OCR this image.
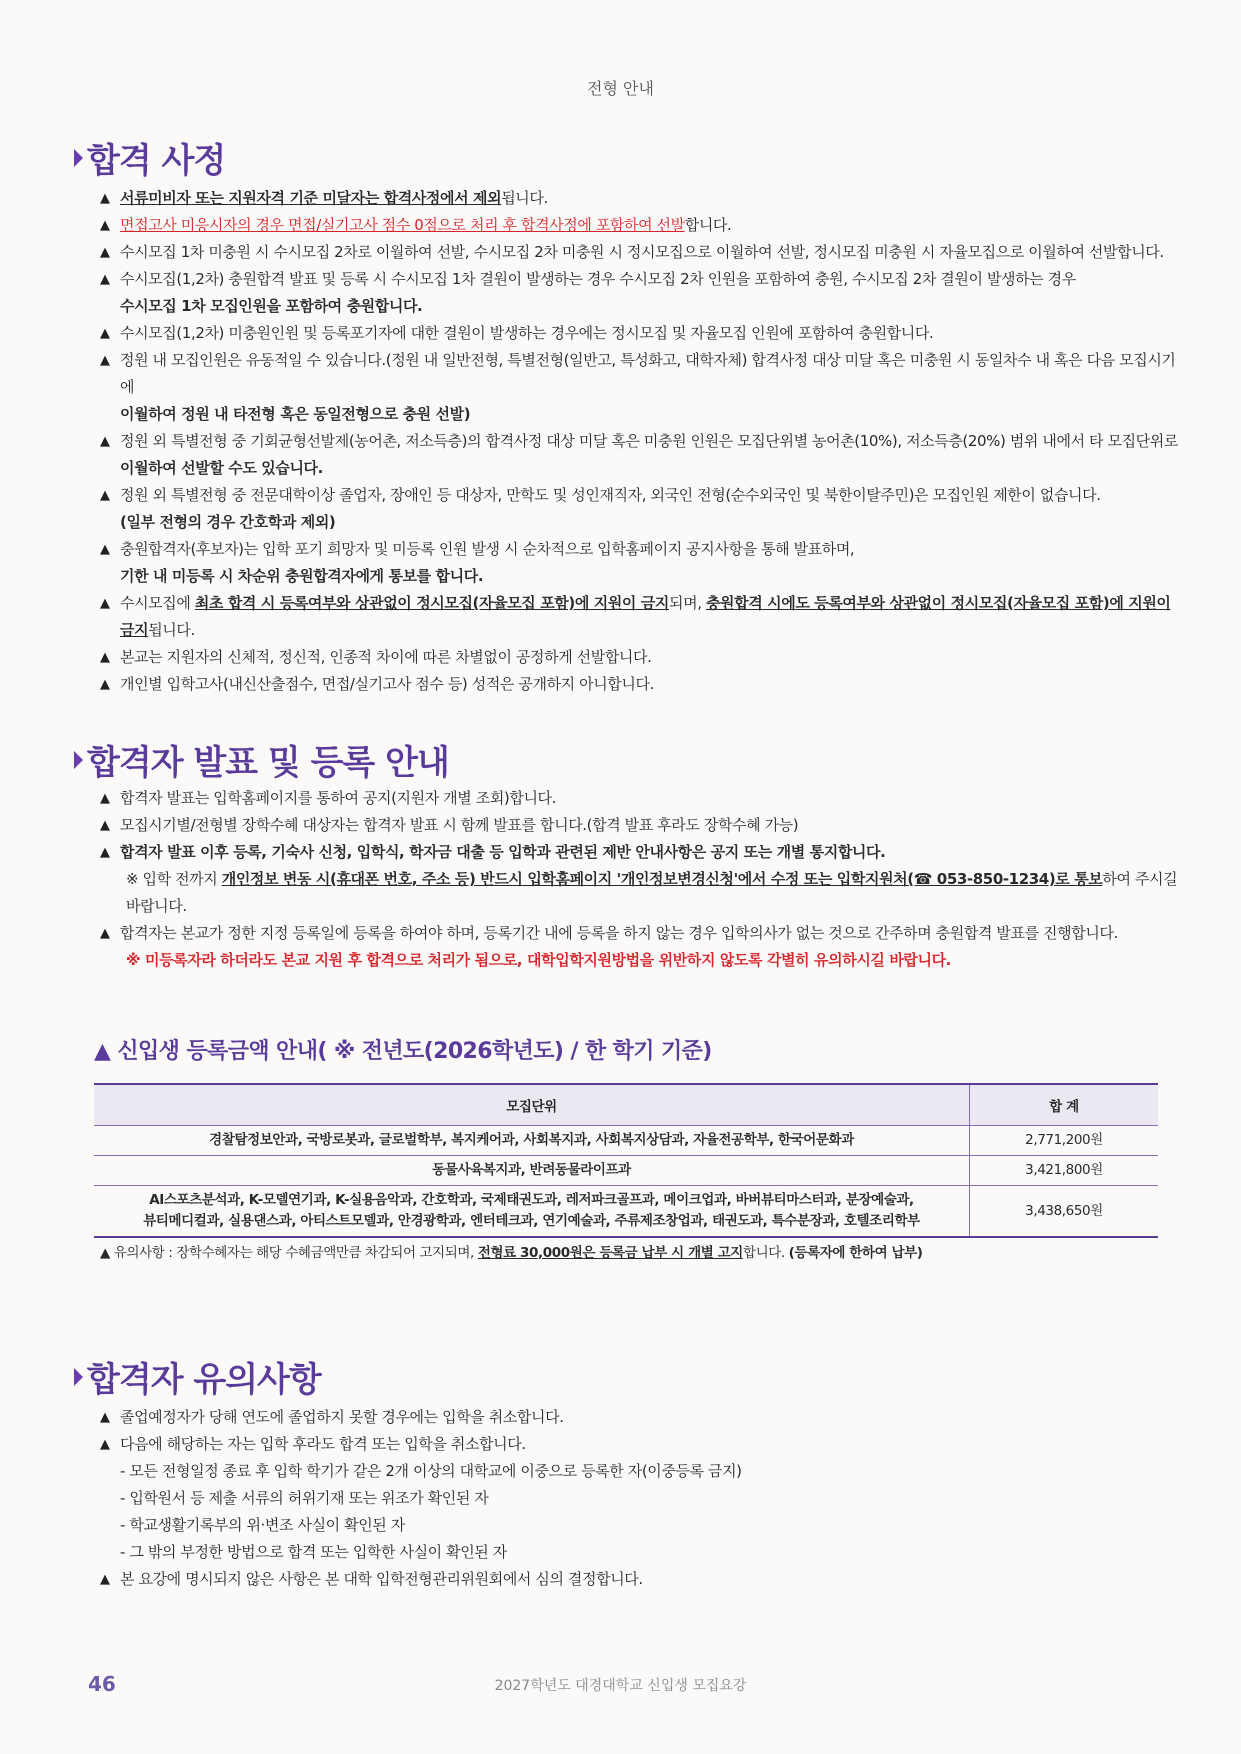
전형 안내
합격 사정
▲ 서류미비자 또는 지원자격 기준 미달자는 합격사정에서 제외됩니다.
▲ 면접고사 미응시자의 경우 면접/실기고사 점수 0점으로 처리 후 합격사정에 포함하여 선발합니다.
▲ 수시모집 1차 미충원 시 수시모집 2차로 이월하여 선발, 수시모집 2차 미충원 시 정시모집으로 이월하여 선발, 정시모집 미충원 시 자율모집으로 이월하여 선발합니다.
▲ 수시모집(1,2차) 충원합격 발표 및 등록 시 수시모집 1차 결원이 발생하는 경우 수시모집 2차 인원을 포함하여 충원, 수시모집 2차 결원이 발생하는 경우
수시모집 1차 모집인원을 포함하여 충원합니다.
▲ 수시모집(1,2차) 미충원인원 및 등록포기자에 대한 결원이 발생하는 경우에는 정시모집 및 자율모집 인원에 포함하여 충원합니다.
▲ 정원 내 모집인원은 유동적일 수 있습니다.(정원 내 일반전형, 특별전형(일반고, 특성화고, 대학자체) 합격사정 대상 미달 혹은 미충원 시 동일차수 내 혹은 다음 모집시기에
이월하여 정원 내 타전형 혹은 동일전형으로 충원 선발)
▲ 정원 외 특별전형 중 기회균형선발제(농어촌, 저소득층)의 합격사정 대상 미달 혹은 미충원 인원은 모집단위별 농어촌(10%), 저소득층(20%) 범위 내에서 타 모집단위로
이월하여 선발할 수도 있습니다.
▲ 정원 외 특별전형 중 전문대학이상 졸업자, 장애인 등 대상자, 만학도 및 성인재직자, 외국인 전형(순수외국인 및 북한이탈주민)은 모집인원 제한이 없습니다.
(일부 전형의 경우 간호학과 제외)
▲ 충원합격자(후보자)는 입학 포기 희망자 및 미등록 인원 발생 시 순차적으로 입학홈페이지 공지사항을 통해 발표하며,
기한 내 미등록 시 차순위 충원합격자에게 통보를 합니다.
▲ 수시모집에 최초 합격 시 등록여부와 상관없이 정시모집(자율모집 포함)에 지원이 금지되며, 충원합격 시에도 등록여부와 상관없이 정시모집(자율모집 포함)에 지원이
금지됩니다.
▲ 본교는 지원자의 신체적, 정신적, 인종적 차이에 따른 차별없이 공정하게 선발합니다.
▲ 개인별 입학고사(내신산출점수, 면접/실기고사 점수 등) 성적은 공개하지 아니합니다.
합격자 발표 및 등록 안내
▲ 합격자 발표는 입학홈페이지를 통하여 공지(지원자 개별 조회)합니다.
▲ 모집시기별/전형별 장학수혜 대상자는 합격자 발표 시 함께 발표를 합니다.(합격 발표 후라도 장학수혜 가능)
▲ 합격자 발표 이후 등록, 기숙사 신청, 입학식, 학자금 대출 등 입학과 관련된 제반 안내사항은 공지 또는 개별 통지합니다.
※ 입학 전까지 개인정보 변동 시(휴대폰 번호, 주소 등) 반드시 입학홈페이지 '개인정보변경신청'에서 수정 또는 입학지원처(☎ 053-850-1234)로 통보하여 주시길 바랍니다.
▲ 합격자는 본교가 정한 지정 등록일에 등록을 하여야 하며, 등록기간 내에 등록을 하지 않는 경우 입학의사가 없는 것으로 간주하며 충원합격 발표를 진행합니다.
※ 미등록자라 하더라도 본교 지원 후 합격으로 처리가 됨으로, 대학입학지원방법을 위반하지 않도록 각별히 유의하시길 바랍니다.
▲ 신입생 등록금액 안내( ※ 전년도(2026학년도) / 한 학기 기준)
모집단위	합 계
경찰탐정보안과, 국방로봇과, 글로벌학부, 복지케어과, 사회복지과, 사회복지상담과, 자율전공학부, 한국어문화과	2,771,200원
동물사육복지과, 반려동물라이프과	3,421,800원
AI스포츠분석과, K-모델연기과, K-실용음악과, 간호학과, 국제태권도과, 레저파크골프과, 메이크업과, 바버뷰티마스터과, 분장예술과,
뷰티메디컬과, 실용댄스과, 아티스트모델과, 안경광학과, 엔터테크과, 연기예술과, 주류제조창업과, 태권도과, 특수분장과, 호텔조리학부	3,438,650원
▲ 유의사항 : 장학수혜자는 해당 수혜금액만큼 차감되어 고지되며, 전형료 30,000원은 등록금 납부 시 개별 고지합니다. (등록자에 한하여 납부)
합격자 유의사항
▲ 졸업예정자가 당해 연도에 졸업하지 못할 경우에는 입학을 취소합니다.
▲ 다음에 해당하는 자는 입학 후라도 합격 또는 입학을 취소합니다.
- 모든 전형일정 종료 후 입학 학기가 같은 2개 이상의 대학교에 이중으로 등록한 자(이중등록 금지)
- 입학원서 등 제출 서류의 허위기재 또는 위조가 확인된 자
- 학교생활기록부의 위·변조 사실이 확인된 자
- 그 밖의 부정한 방법으로 합격 또는 입학한 사실이 확인된 자
▲ 본 요강에 명시되지 않은 사항은 본 대학 입학전형관리위원회에서 심의 결정합니다.
46	2027학년도 대경대학교 신입생 모집요강
